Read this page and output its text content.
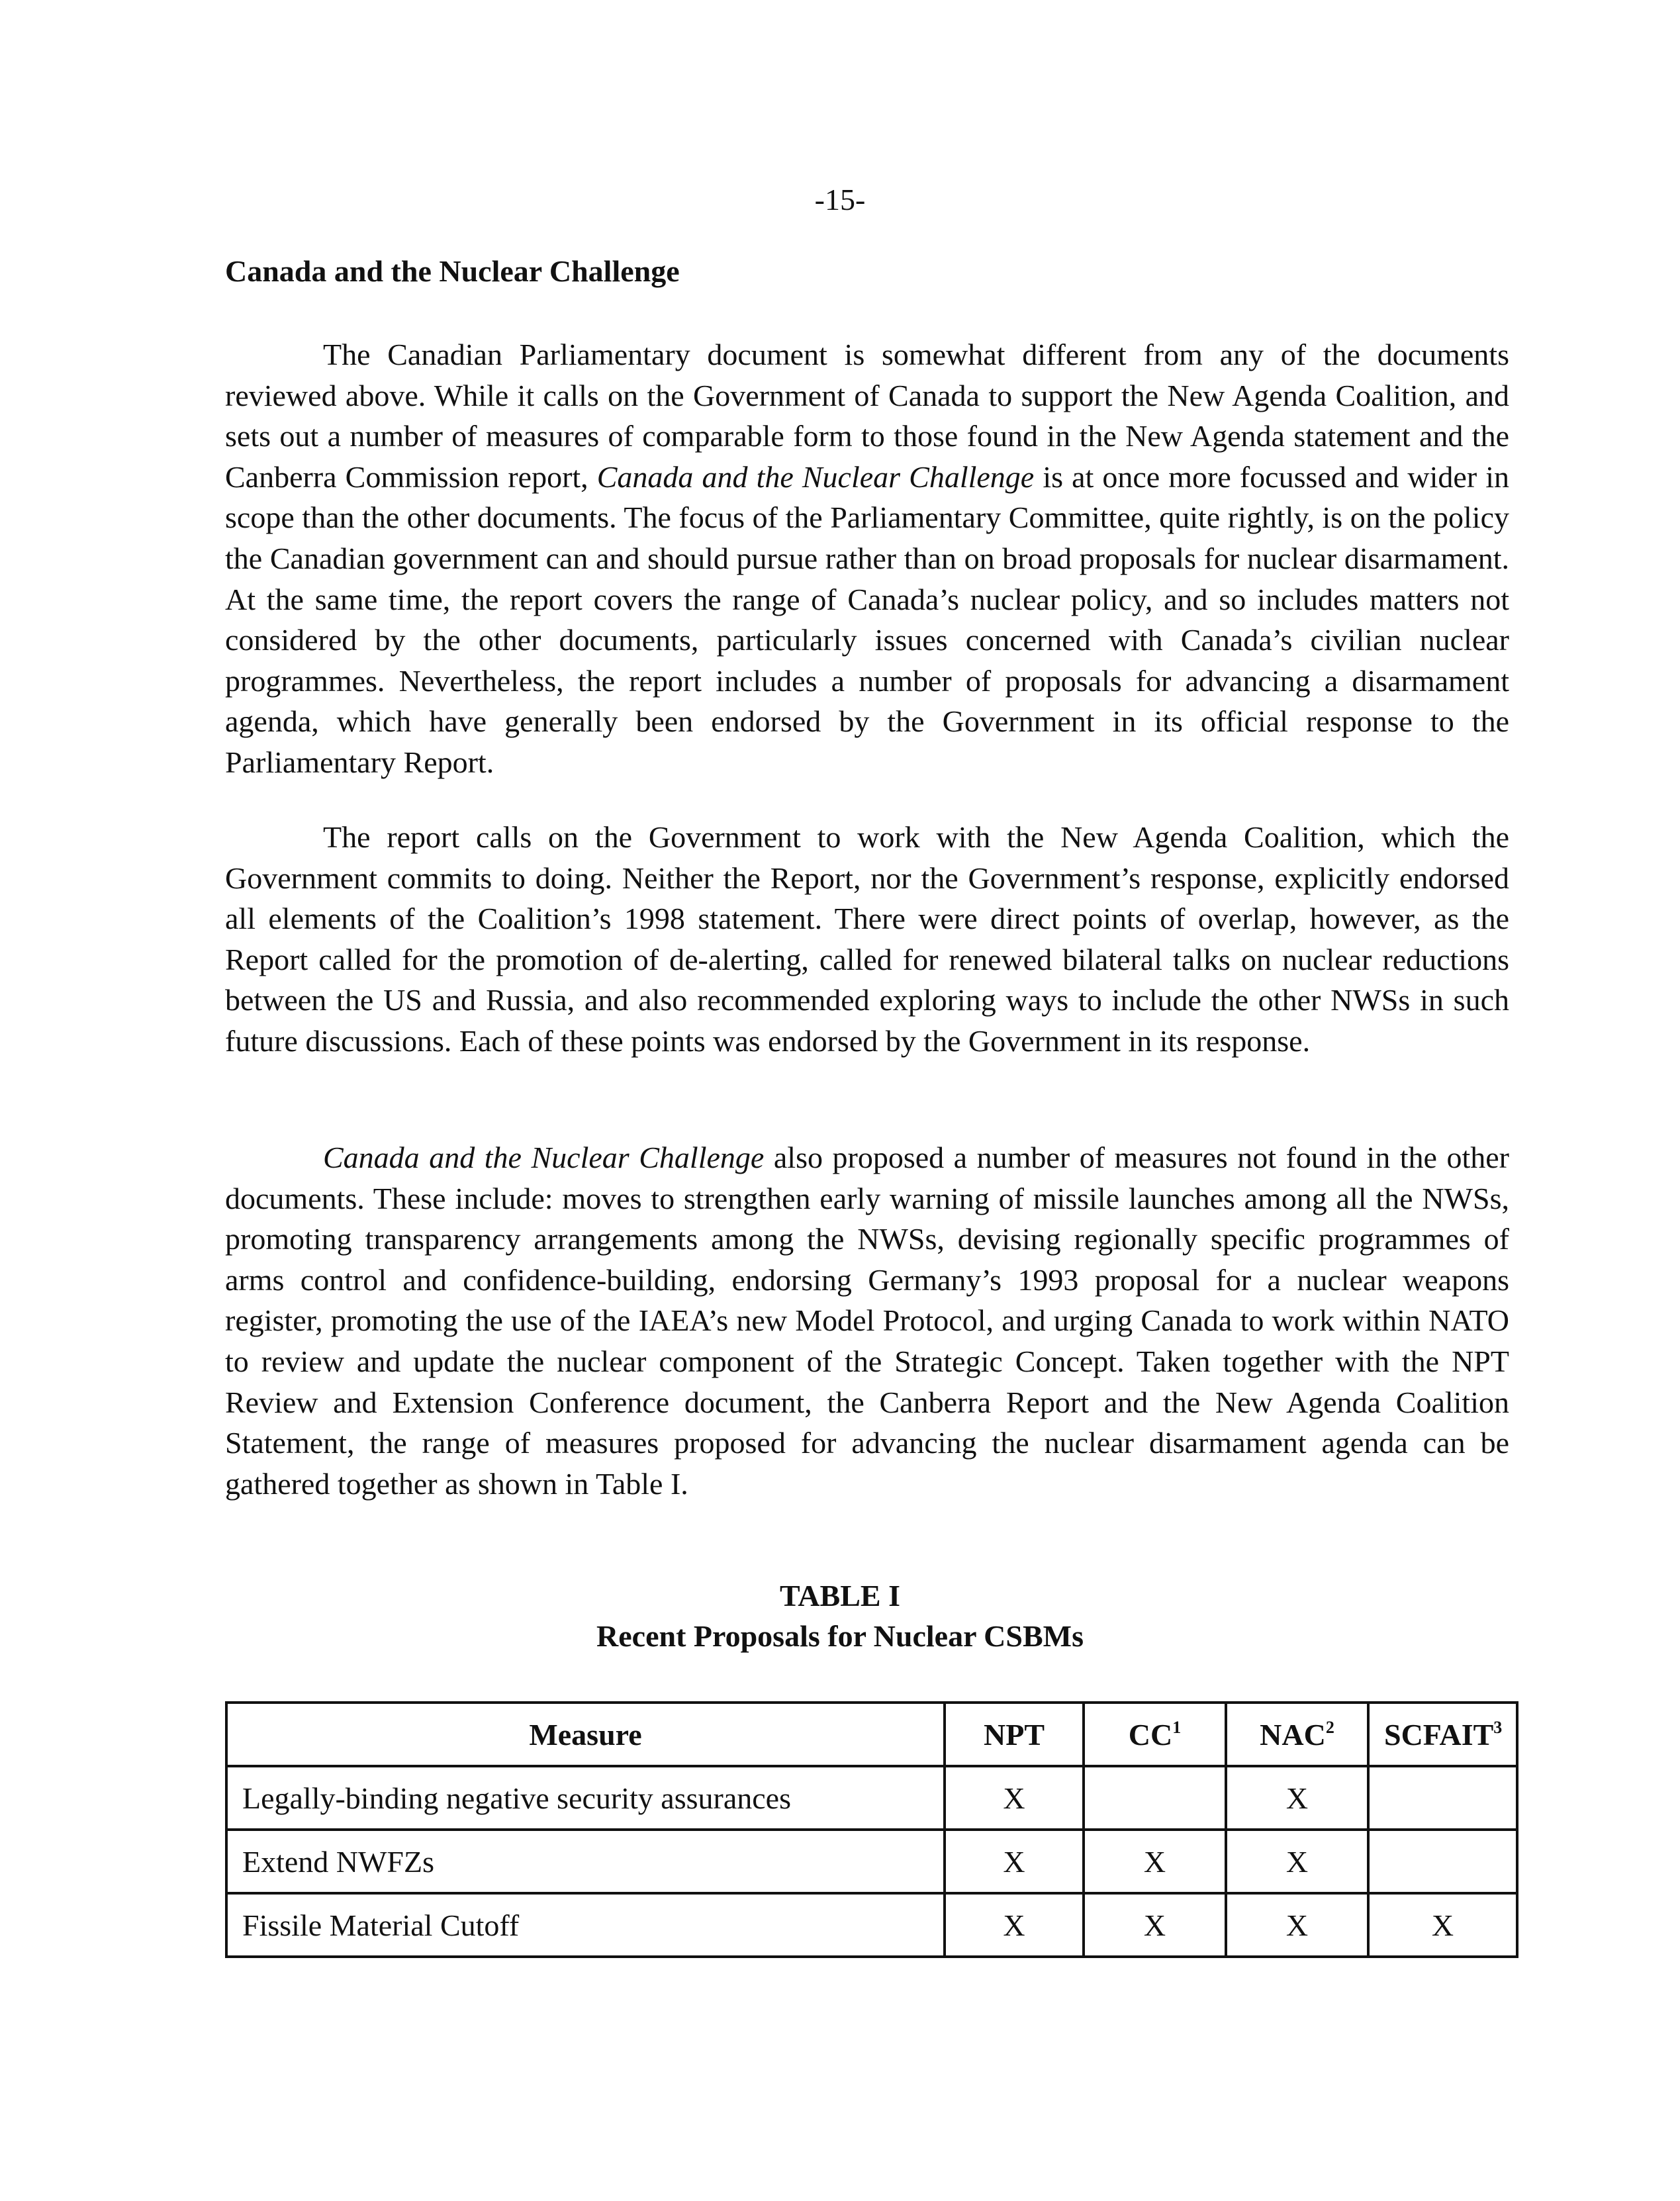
-15-
Canada and the Nuclear Challenge

The Canadian Parliamentary document is somewhat different from any of the documents reviewed above. While it calls on the Government of Canada to support the New Agenda Coalition, and sets out a number of measures of comparable form to those found in the New Agenda statement and the Canberra Commission report, Canada and the Nuclear Challenge is at once more focussed and wider in scope than the other documents. The focus of the Parliamentary Committee, quite rightly, is on the policy the Canadian government can and should pursue rather than on broad proposals for nuclear disarmament. At the same time, the report covers the range of Canada’s nuclear policy, and so includes matters not considered by the other documents, particularly issues concerned with Canada’s civilian nuclear programmes. Nevertheless, the report includes a number of proposals for advancing a disarmament agenda, which have generally been endorsed by the Government in its official response to the Parliamentary Report.

The report calls on the Government to work with the New Agenda Coalition, which the Government commits to doing. Neither the Report, nor the Government’s response, explicitly endorsed all elements of the Coalition’s 1998 statement. There were direct points of overlap, however, as the Report called for the promotion of de-alerting, called for renewed bilateral talks on nuclear reductions between the US and Russia, and also recommended exploring ways to include the other NWSs in such future discussions. Each of these points was endorsed by the Government in its response.

Canada and the Nuclear Challenge also proposed a number of measures not found in the other documents. These include: moves to strengthen early warning of missile launches among all the NWSs, promoting transparency arrangements among the NWSs, devising regionally specific programmes of arms control and confidence-building, endorsing Germany’s 1993 proposal for a nuclear weapons register, promoting the use of the IAEA’s new Model Protocol, and urging Canada to work within NATO to review and update the nuclear component of the Strategic Concept. Taken together with the NPT Review and Extension Conference document, the Canberra Report and the New Agenda Coalition Statement, the range of measures proposed for advancing the nuclear disarmament agenda can be gathered together as shown in Table I.

TABLE I
Recent Proposals for Nuclear CSBMs
Measure	NPT	$CC^1$	NAC$^2$	SCFAIT$^3$
Legally-binding negative security assurances	X		X	
Extend NWFZs	X	X	X	
Fissile Material Cutoff	X	X	X	X
